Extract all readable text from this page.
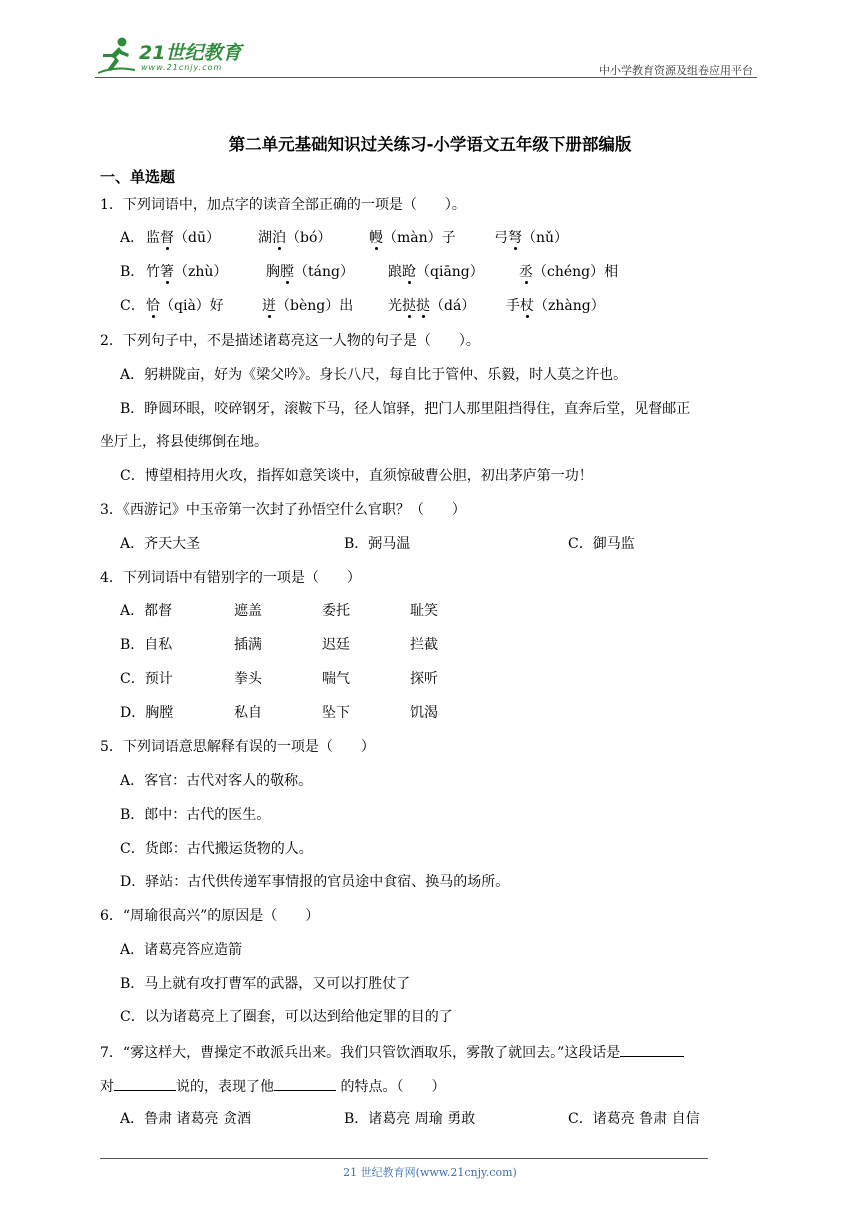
21世纪教育
www.21cnjy.com	中小学教育资源及组卷应用平台
第二单元基础知识过关练习-小学语文五年级下册部编版
一、单选题
1．下列词语中，加点字的读音全部正确的一项是（　　）。
A． 监督（dū）	湖泊（bó）	幔（màn）子	弓弩（nǔ）
B． 竹箸（zhù）	胸膛（táng） 踉跄（qiāng）	丞（chéng）相
C． 恰（qià）好	迸（bèng）出 光挞挞（dá） 手杖（zhàng）
2．下列句子中，不是描述诸葛亮这一人物的句子是（　　）。
A．躬耕陇亩，好为《梁父吟》。身长八尺，每自比于管仲、乐毅，时人莫之许也。
B．睁圆环眼，咬碎钢牙，滚鞍下马，径人馆驿，把门人那里阻挡得住，直奔后堂，见督邮正
坐厅上，将县使绑倒在地。
C．博望相持用火攻，指挥如意笑谈中，直须惊破曹公胆，初出茅庐第一功！
3．《西游记》中玉帝第一次封了孙悟空什么官职？（　　）
A．齐天大圣	B．弼马温	C．御马监
4．下列词语中有错别字的一项是（　　）
A．都督	遮盖	委托	耻笑
B．自私	插满	迟廷	拦截
C．预计	拳头	喘气	探听
D．胸膛	私自	坠下	饥渴
5．下列词语意思解释有误的一项是（　　）
A．客官：古代对客人的敬称。
B．郎中：古代的医生。
C．货郎：古代搬运货物的人。
D．驿站：古代供传递军事情报的官员途中食宿、换马的场所。
6．“周瑜很高兴”的原因是（　　）
A．诸葛亮答应造箭
B．马上就有攻打曹军的武器，又可以打胜仗了
C．以为诸葛亮上了圈套，可以达到给他定罪的目的了
7．“雾这样大，曹操定不敢派兵出来。我们只管饮酒取乐，雾散了就回去。”这段话是
对	说的，表现了他	的特点。（　　）
A．鲁肃 诸葛亮 贪酒	B．诸葛亮 周瑜 勇敢	C．诸葛亮 鲁肃 自信
21 世纪教育网(www.21cnjy.com)
